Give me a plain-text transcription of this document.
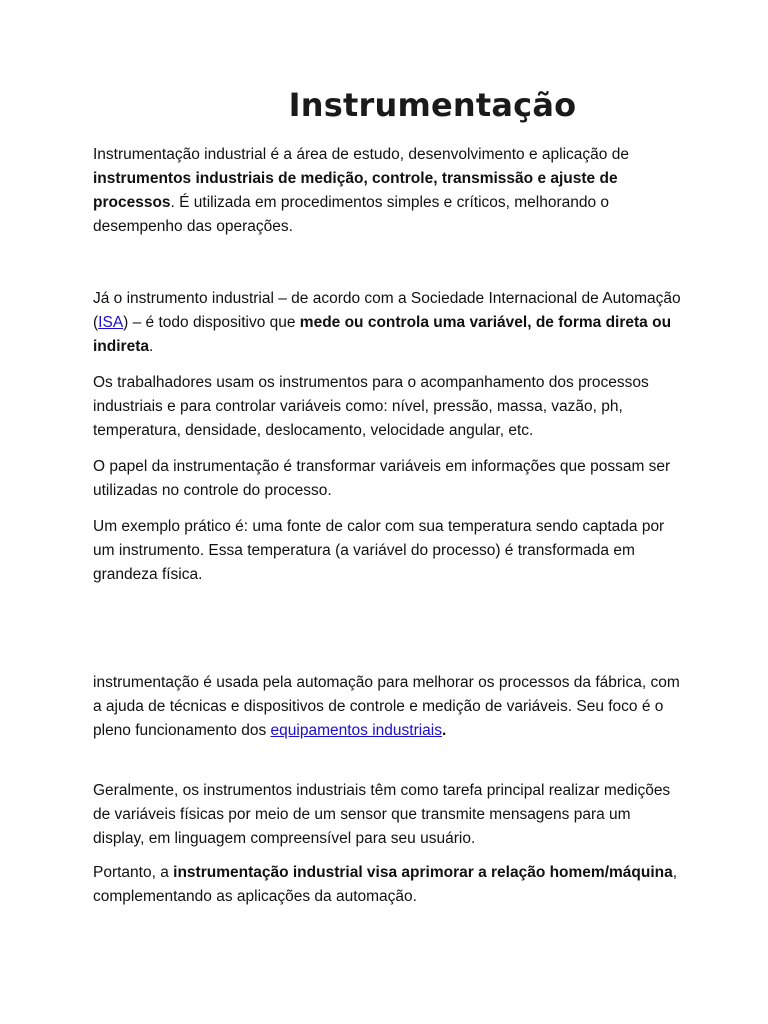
Instrumentação

Instrumentação industrial é a área de estudo, desenvolvimento e aplicação de instrumentos industriais de medição, controle, transmissão e ajuste de processos. É utilizada em procedimentos simples e críticos, melhorando o desempenho das operações.

Já o instrumento industrial – de acordo com a Sociedade Internacional de Automação (ISA) – é todo dispositivo que mede ou controla uma variável, de forma direta ou indireta.

Os trabalhadores usam os instrumentos para o acompanhamento dos processos industriais e para controlar variáveis como: nível, pressão, massa, vazão, ph, temperatura, densidade, deslocamento, velocidade angular, etc.

O papel da instrumentação é transformar variáveis em informações que possam ser utilizadas no controle do processo.

Um exemplo prático é: uma fonte de calor com sua temperatura sendo captada por um instrumento. Essa temperatura (a variável do processo) é transformada em grandeza física.

instrumentação é usada pela automação para melhorar os processos da fábrica, com a ajuda de técnicas e dispositivos de controle e medição de variáveis. Seu foco é o pleno funcionamento dos equipamentos industriais.

Geralmente, os instrumentos industriais têm como tarefa principal realizar medições de variáveis físicas por meio de um sensor que transmite mensagens para um display, em linguagem compreensível para seu usuário.

Portanto, a instrumentação industrial visa aprimorar a relação homem/máquina, complementando as aplicações da automação.
